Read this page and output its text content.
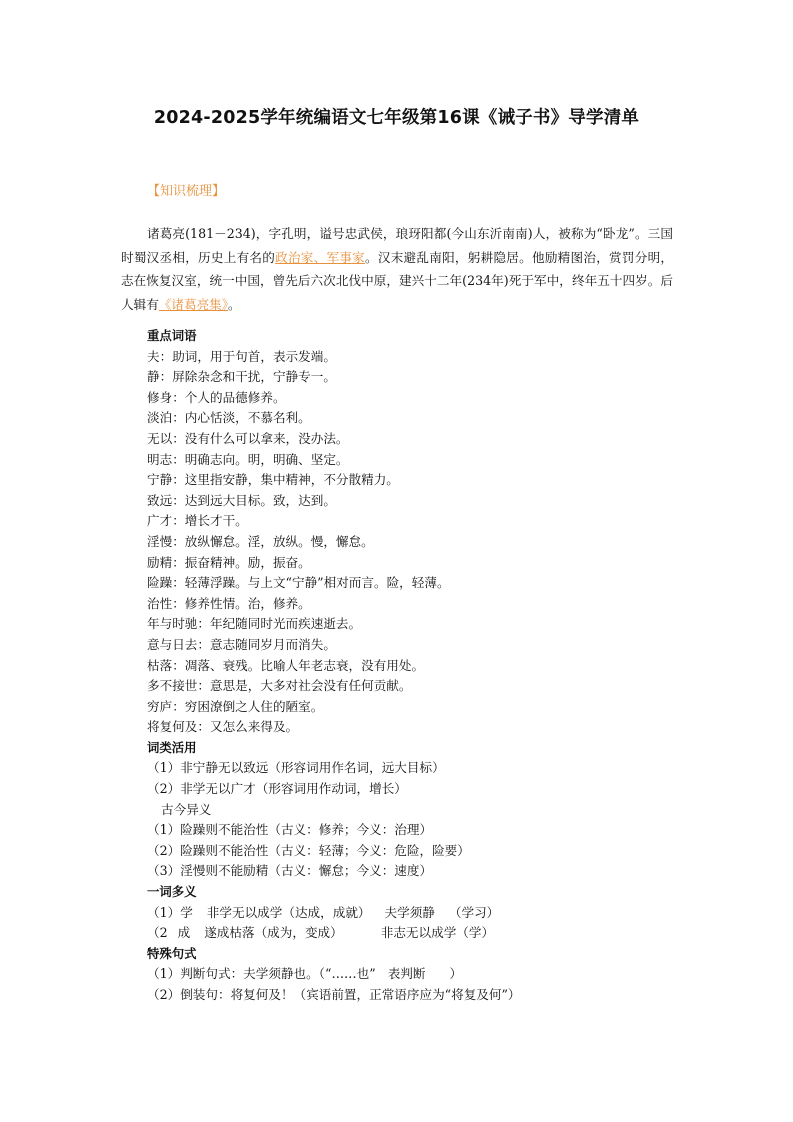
2024-2025学年统编语文七年级第16课《诫子书》导学清单
【知识梳理】

诸葛亮(181－234)，字孔明，谥号忠武侯，琅玡阳都(今山东沂南南)人，被称为“卧龙”。三国时蜀汉丞相，历史上有名的政治家、军事家。汉末避乱南阳，躬耕隐居。他励精图治，赏罚分明，志在恢复汉室，统一中国，曾先后六次北伐中原，建兴十二年(234年)死于军中，终年五十四岁。后人辑有《诸葛亮集》。

重点词语
夫：助词，用于句首，表示发端。
静：屏除杂念和干扰，宁静专一。
修身：个人的品德修养。
淡泊：内心恬淡，不慕名利。
无以：没有什么可以拿来，没办法。
明志：明确志向。明，明确、坚定。
宁静：这里指安静，集中精神，不分散精力。
致远：达到远大目标。致，达到。
广才：增长才干。
淫慢：放纵懈怠。淫，放纵。慢，懈怠。
励精：振奋精神。励，振奋。
险躁：轻薄浮躁。与上文“宁静”相对而言。险，轻薄。
治性：修养性情。治，修养。
年与时驰：年纪随同时光而疾速逝去。
意与日去：意志随同岁月而消失。
枯落：凋落、衰残。比喻人年老志衰，没有用处。
多不接世：意思是，大多对社会没有任何贡献。
穷庐：穷困潦倒之人住的陋室。
将复何及：又怎么来得及。
词类活用
（1）非宁静无以致远（形容词用作名词，远大目标）
（2）非学无以广才（形容词用作动词，增长）
古今异义
（1）险躁则不能治性（古义：修养；今义：治理）
（2）险躁则不能治性（古义：轻薄；今义：危险，险要）
（3）淫慢则不能励精（古义：懈怠；今义：速度）
一词多义
（1）学 非学无以成学（达成，成就） 夫学须静 （学习）
（2 成 遂成枯落（成为，变成）	非志无以成学（学）
特殊句式
（1）判断句式：夫学须静也。（“……也”   表判断      ）
（2）倒装句：将复何及！（宾语前置，正常语序应为“将复及何”）
